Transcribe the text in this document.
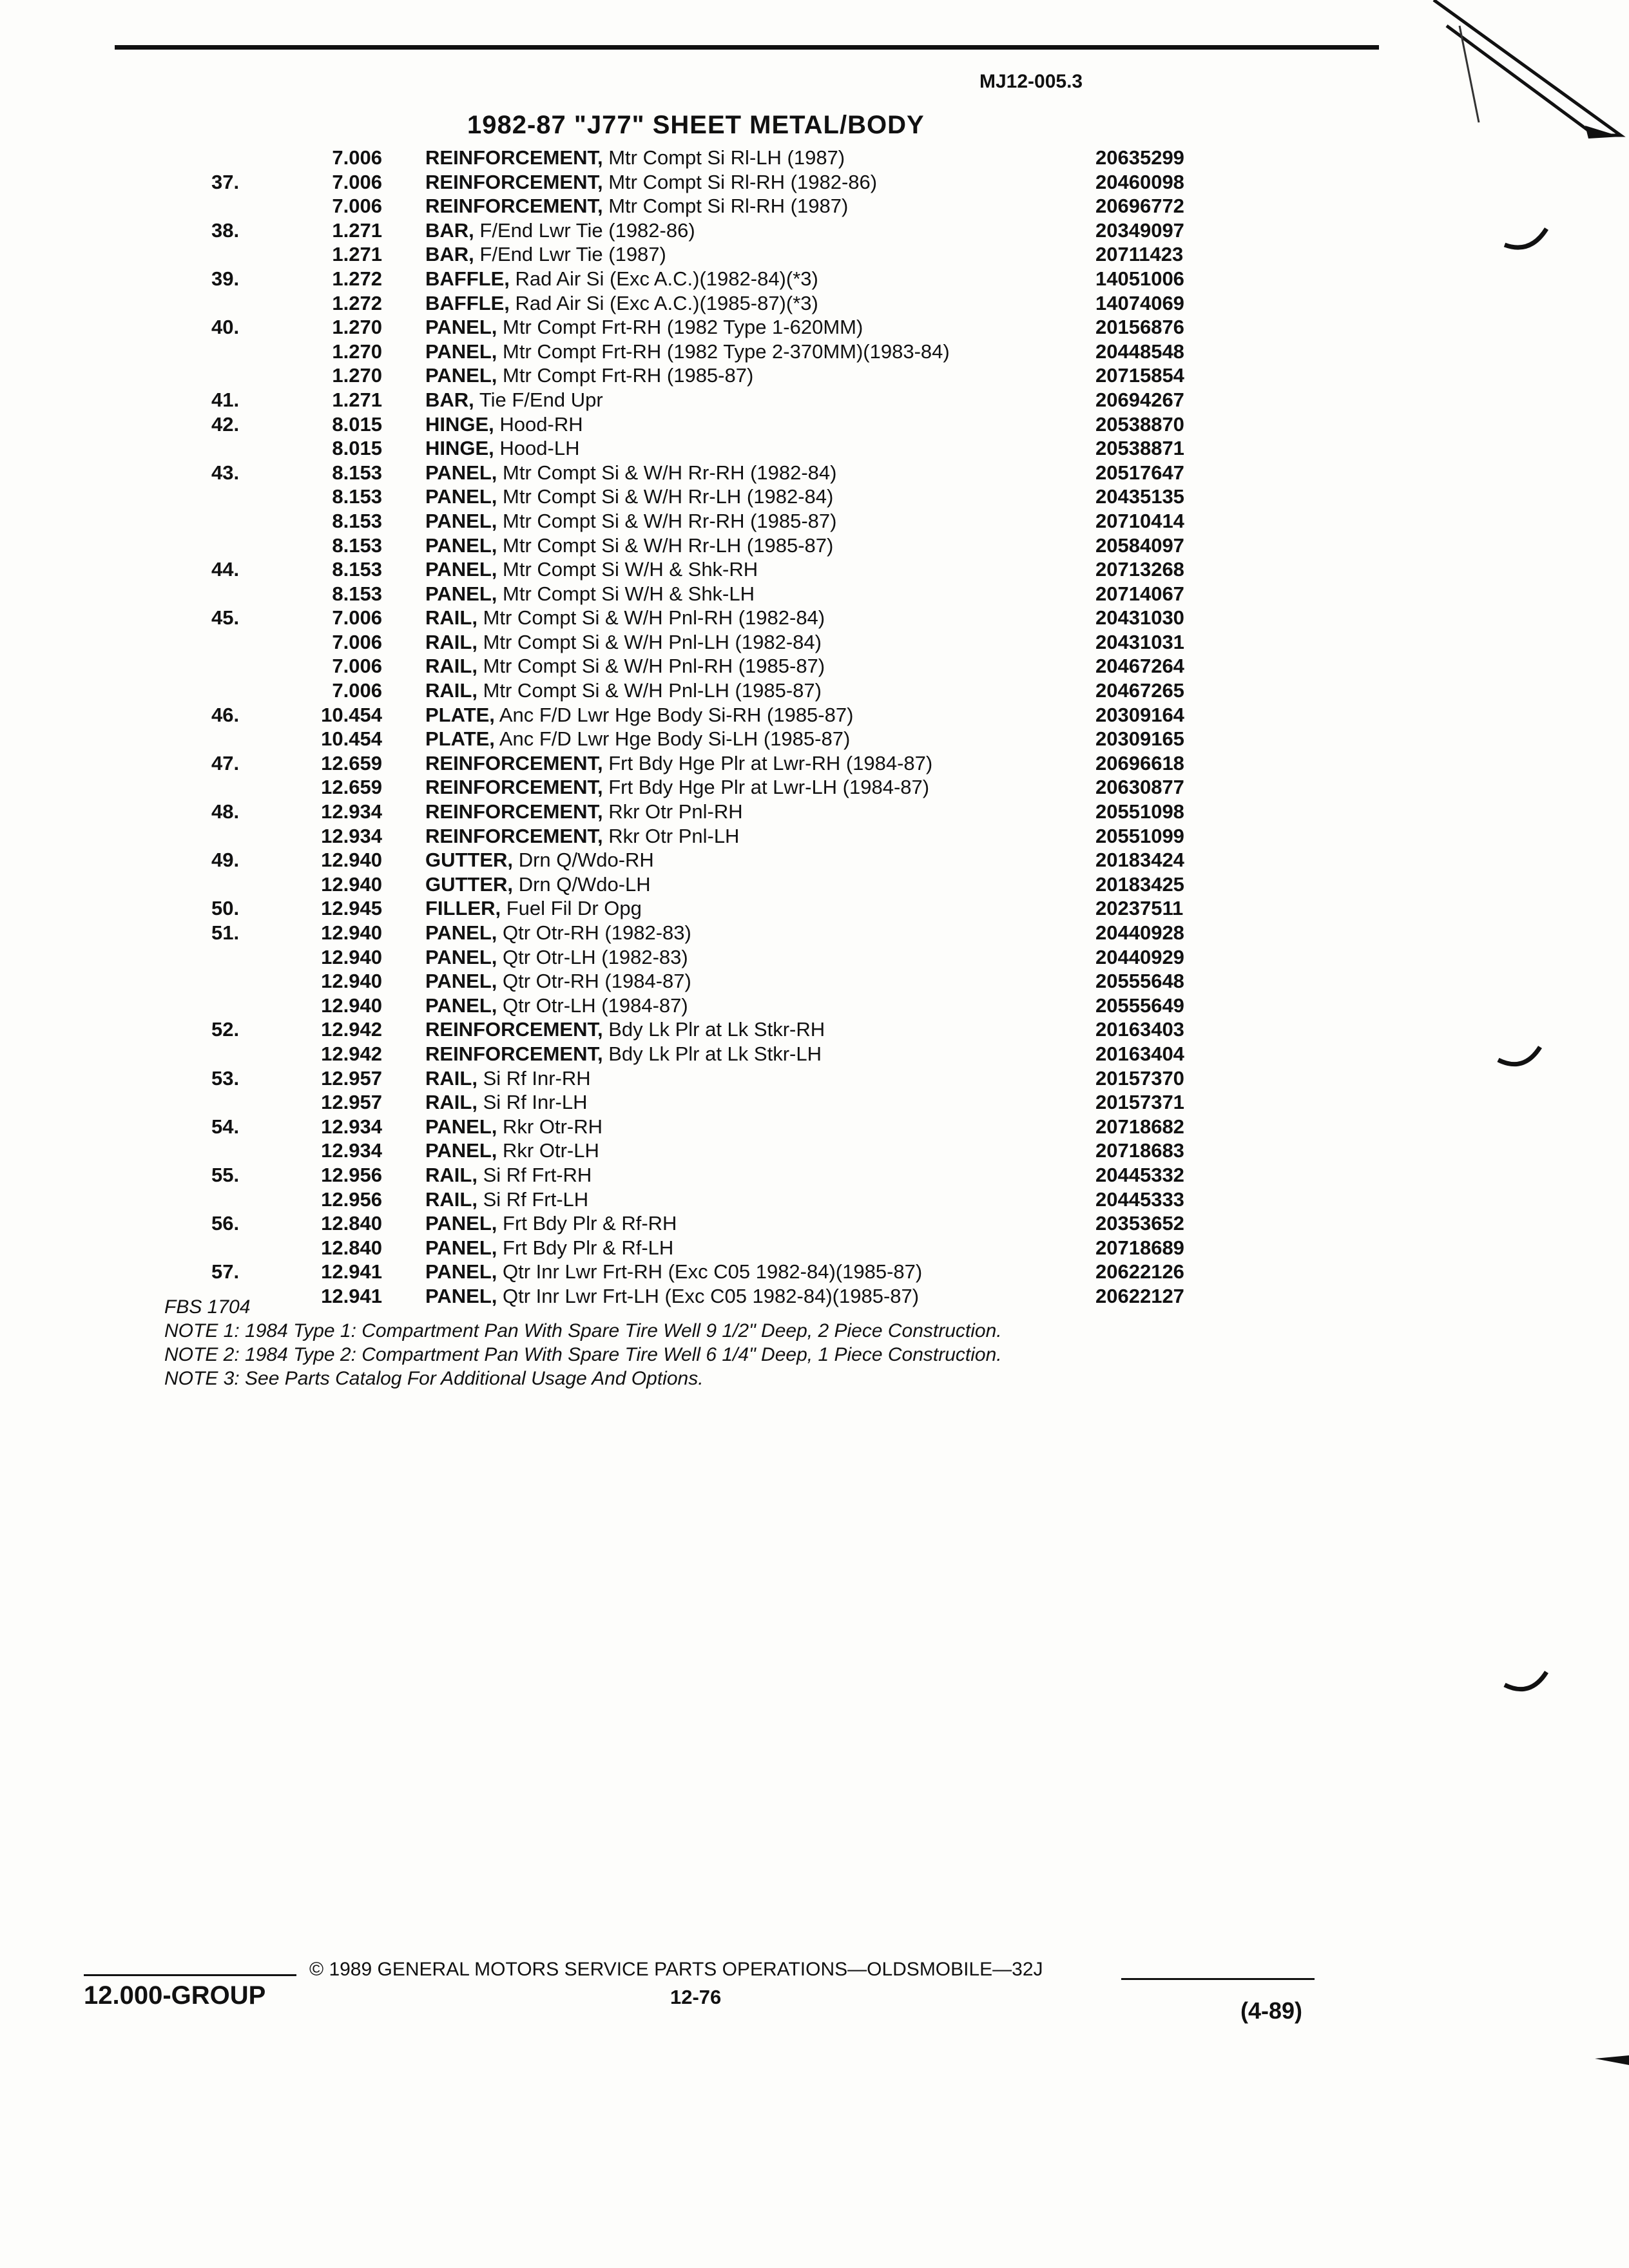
MJ12-005.3
1982-87 "J77" SHEET METAL/BODY
7.006 REINFORCEMENT, Mtr Compt Si Rl-LH (1987)	20635299
37.	7.006 REINFORCEMENT, Mtr Compt Si Rl-RH (1982-86)	20460098
7.006 REINFORCEMENT, Mtr Compt Si Rl-RH (1987)	20696772
38.	1.271 BAR, F/End Lwr Tie (1982-86)	20349097
1.271 BAR, F/End Lwr Tie (1987)	20711423
39.	1.272 BAFFLE, Rad Air Si (Exc A.C.)(1982-84)(*3)	14051006
1.272 BAFFLE, Rad Air Si (Exc A.C.)(1985-87)(*3)	14074069
40.	1.270 PANEL, Mtr Compt Frt-RH (1982 Type 1-620MM)	20156876
1.270 PANEL, Mtr Compt Frt-RH (1982 Type 2-370MM)(1983-84)	20448548
1.270 PANEL, Mtr Compt Frt-RH (1985-87)	20715854
41.	1.271 BAR, Tie F/End Upr	20694267
42.	8.015 HINGE, Hood-RH	20538870
8.015 HINGE, Hood-LH	20538871
43.	8.153 PANEL, Mtr Compt Si & W/H Rr-RH (1982-84)	20517647
8.153 PANEL, Mtr Compt Si & W/H Rr-LH (1982-84)	20435135
8.153 PANEL, Mtr Compt Si & W/H Rr-RH (1985-87)	20710414
8.153 PANEL, Mtr Compt Si & W/H Rr-LH (1985-87)	20584097
44.	8.153 PANEL, Mtr Compt Si W/H & Shk-RH	20713268
8.153 PANEL, Mtr Compt Si W/H & Shk-LH	20714067
45.	7.006 RAIL, Mtr Compt Si & W/H Pnl-RH (1982-84)	20431030
7.006 RAIL, Mtr Compt Si & W/H Pnl-LH (1982-84)	20431031
7.006 RAIL, Mtr Compt Si & W/H Pnl-RH (1985-87)	20467264
7.006 RAIL, Mtr Compt Si & W/H Pnl-LH (1985-87)	20467265
46.	10.454 PLATE, Anc F/D Lwr Hge Body Si-RH (1985-87)	20309164
10.454 PLATE, Anc F/D Lwr Hge Body Si-LH (1985-87)	20309165
47.	12.659 REINFORCEMENT, Frt Bdy Hge Plr at Lwr-RH (1984-87)	20696618
12.659 REINFORCEMENT, Frt Bdy Hge Plr at Lwr-LH (1984-87)	20630877
48.	12.934 REINFORCEMENT, Rkr Otr Pnl-RH	20551098
12.934 REINFORCEMENT, Rkr Otr Pnl-LH	20551099
49.	12.940 GUTTER, Drn Q/Wdo-RH	20183424
12.940 GUTTER, Drn Q/Wdo-LH	20183425
50.	12.945 FILLER, Fuel Fil Dr Opg	20237511
51.	12.940 PANEL, Qtr Otr-RH (1982-83)	20440928
12.940 PANEL, Qtr Otr-LH (1982-83)	20440929
12.940 PANEL, Qtr Otr-RH (1984-87)	20555648
12.940 PANEL, Qtr Otr-LH (1984-87)	20555649
52.	12.942 REINFORCEMENT, Bdy Lk Plr at Lk Stkr-RH	20163403
12.942 REINFORCEMENT, Bdy Lk Plr at Lk Stkr-LH	20163404
53.	12.957 RAIL, Si Rf Inr-RH	20157370
12.957 RAIL, Si Rf Inr-LH	20157371
54.	12.934 PANEL, Rkr Otr-RH	20718682
12.934 PANEL, Rkr Otr-LH	20718683
55.	12.956 RAIL, Si Rf Frt-RH	20445332
12.956 RAIL, Si Rf Frt-LH	20445333
56.	12.840 PANEL, Frt Bdy Plr & Rf-RH	20353652
12.840 PANEL, Frt Bdy Plr & Rf-LH	20718689
57.	12.941 PANEL, Qtr Inr Lwr Frt-RH (Exc C05 1982-84)(1985-87)	20622126
12.941 PANEL, Qtr Inr Lwr Frt-LH (Exc C05 1982-84)(1985-87)	20622127
FBS 1704
NOTE 1: 1984 Type 1: Compartment Pan With Spare Tire Well 9 1/2" Deep, 2 Piece Construction.
NOTE 2: 1984 Type 2: Compartment Pan With Spare Tire Well 6 1/4" Deep, 1 Piece Construction.
NOTE 3: See Parts Catalog For Additional Usage And Options.
12.000-GROUP
© 1989 GENERAL MOTORS SERVICE PARTS OPERATIONS—OLDSMOBILE—32J
12-76
(4-89)
